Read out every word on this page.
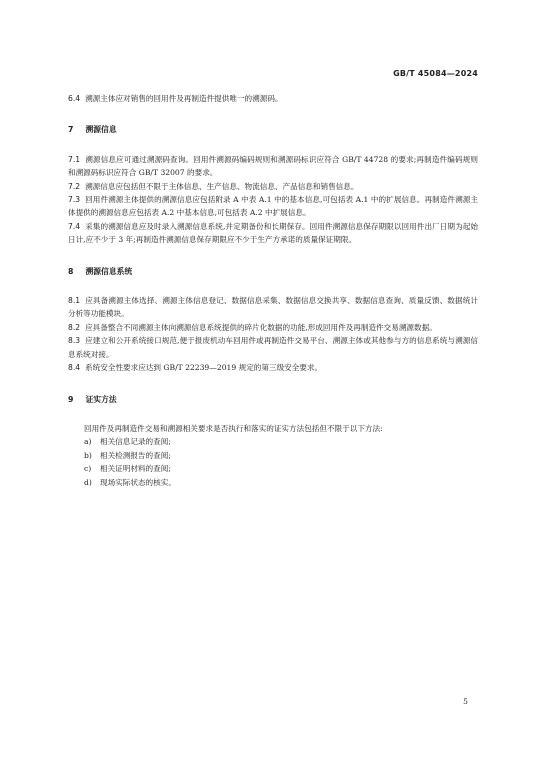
GB/T 45084—2024

6.4 溯源主体应对销售的回用件及再制造件提供唯一的溯源码。

7 溯源信息

7.1 溯源信息应可通过溯源码查询。回用件溯源码编码规则和溯源码标识应符合 GB/T 44728 的要求;再制造件编码规则和溯源码标识应符合 GB/T 32007 的要求。

7.2 溯源信息应包括但不限于主体信息、生产信息、物流信息、产品信息和销售信息。

7.3 回用件溯源主体提供的溯源信息应包括附录 A 中表 A.1 中的基本信息,可包括表 A.1 中的扩展信息。再制造件溯源主体提供的溯源信息应包括表 A.2 中基本信息,可包括表 A.2 中扩展信息。

7.4 采集的溯源信息应及时录入溯源信息系统,并定期备份和长期保存。回用件溯源信息保存期限以回用件出厂日期为起始日计,应不少于 3 年;再制造件溯源信息保存期限应不少于生产方承诺的质量保证期限。

8 溯源信息系统

8.1 应具备溯源主体选择、溯源主体信息登记、数据信息采集、数据信息交换共享、数据信息查询、质量反馈、数据统计分析等功能模块。

8.2 应具备整合不同溯源主体向溯源信息系统提供的碎片化数据的功能,形成回用件及再制造件交易溯源数据。

8.3 应建立和公开系统接口规范,便于报废机动车回用件或再制造件交易平台、溯源主体或其他参与方的信息系统与溯源信息系统对接。

8.4 系统安全性要求应达到 GB/T 22239—2019 规定的第三级安全要求。

9 证实方法

回用件及再制造件交易和溯源相关要求是否执行和落实的证实方法包括但不限于以下方法:

a) 相关信息记录的查阅;

b) 相关检测报告的查阅;

c) 相关证明材料的查阅;

d) 现场实际状态的核实。

5
